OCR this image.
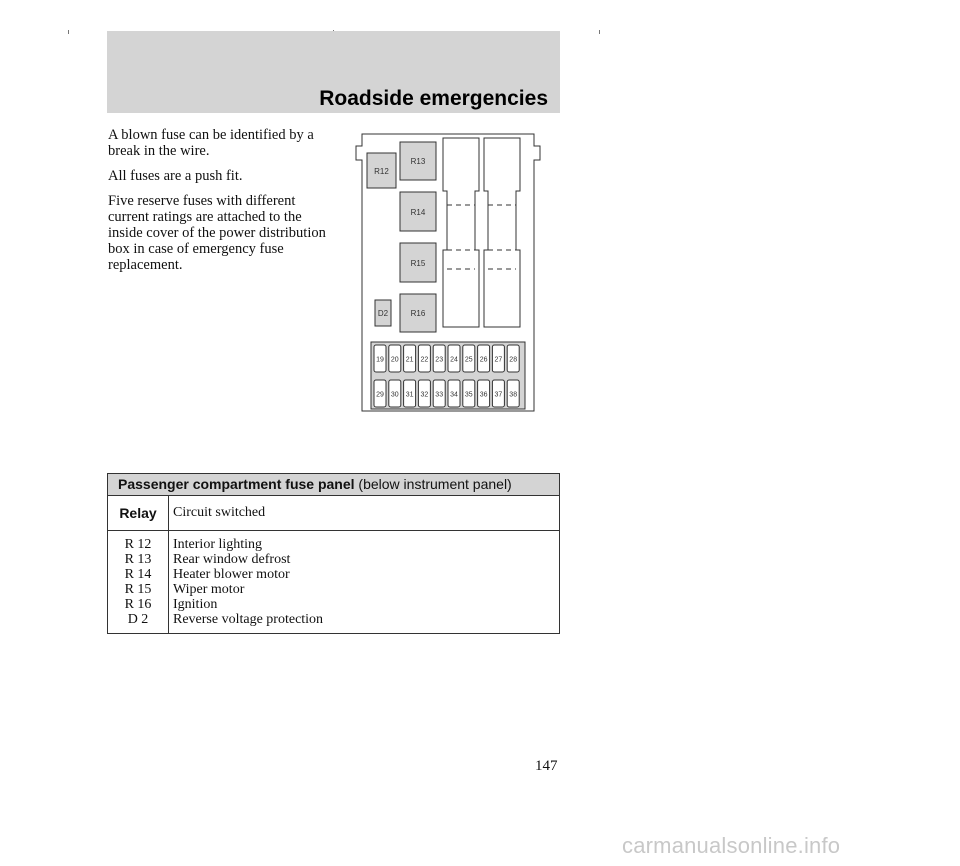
Roadside emergencies

A blown fuse can be identified by a break in the wire.

All fuses are a push fit.

Five reserve fuses with different current ratings are attached to the inside cover of the power distribution box in case of emergency fuse replacement.

R12
R13
R14
R15
R16
D2
19 20 21 22 23 24 25 26 27 28
29 30 31 32 33 34 35 36 37 38
Passenger compartment fuse panel (below instrument panel)
Relay	Circuit switched
R 12
R 13
R 14
R 15
R 16
D 2
Interior lighting
Rear window defrost
Heater blower motor
Wiper motor
Ignition
Reverse voltage protection
147
carmanualsonline.info
